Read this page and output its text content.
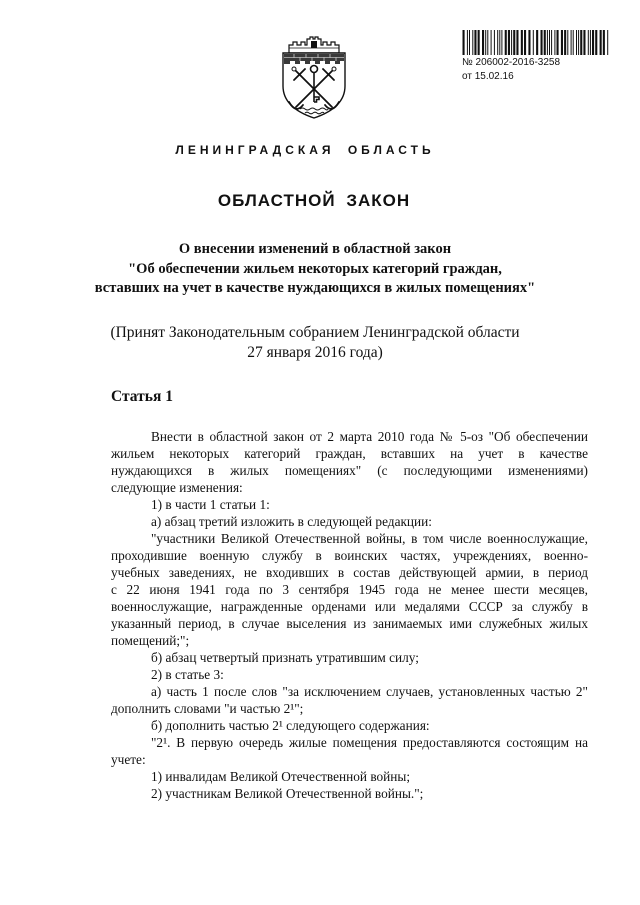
№ 206002-2016-3258
от 15.02.16
ЛЕНИНГРАДСКАЯ ОБЛАСТЬ
ОБЛАСТНОЙ ЗАКОН
О внесении изменений в областной закон
"Об обеспечении жильем некоторых категорий граждан,
вставших на учет в качестве нуждающихся в жилых помещениях"
(Принят Законодательным собранием Ленинградской области
27 января 2016 года)
Статья 1
Внести в областной закон от 2 марта 2010 года № 5-оз "Об обеспечении
жильем некоторых категорий граждан, вставших на учет в качестве
нуждающихся в жилых помещениях" (с последующими изменениями)
следующие изменения:
1) в части 1 статьи 1:
а) абзац третий изложить в следующей редакции:
"участники Великой Отечественной войны, в том числе военнослужащие,
проходившие военную службу в воинских частях, учреждениях, военно-
учебных заведениях, не входивших в состав действующей армии, в период
с 22 июня 1941 года по 3 сентября 1945 года не менее шести месяцев,
военнослужащие, награжденные орденами или медалями СССР за службу в
указанный период, в случае выселения из занимаемых ими служебных жилых
помещений;";
б) абзац четвертый признать утратившим силу;
2) в статье 3:
а) часть 1 после слов "за исключением случаев, установленных частью 2"
дополнить словами "и частью 2¹";
б) дополнить частью 2¹ следующего содержания:
"2¹. В первую очередь жилые помещения предоставляются состоящим на
учете:
1) инвалидам Великой Отечественной войны;
2) участникам Великой Отечественной войны.";
